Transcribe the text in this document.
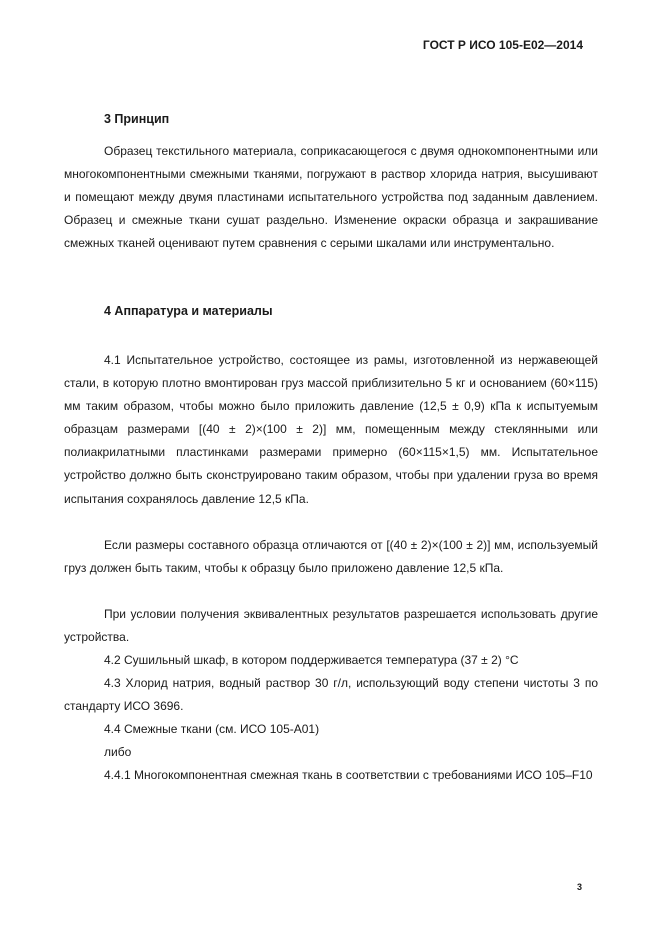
ГОСТ Р ИСО 105-E02—2014
3 Принцип

Образец текстильного материала, соприкасающегося с двумя однокомпонентными или многокомпонентными смежными тканями, погружают в раствор хлорида натрия, высушивают и помещают между двумя пластинами испытательного устройства под заданным давлением. Образец и смежные ткани сушат раздельно. Изменение окраски образца и закрашивание смежных тканей оценивают путем сравнения с серыми шкалами или инструментально.

4 Аппаратура и материалы

4.1 Испытательное устройство, состоящее из рамы, изготовленной из нержавеющей стали, в которую плотно вмонтирован груз массой приблизительно 5 кг и основанием (60×115) мм таким образом, чтобы можно было приложить давление (12,5 ± 0,9) кПа к испытуемым образцам размерами [(40 ± 2)×(100 ± 2)] мм, помещенным между стеклянными или полиакрилатными пластинками размерами примерно (60×115×1,5) мм. Испытательное устройство должно быть сконструировано таким образом, чтобы при удалении груза во время испытания сохранялось давление 12,5 кПа.

Если размеры составного образца отличаются от [(40 ± 2)×(100 ± 2)] мм, используемый груз должен быть таким, чтобы к образцу было приложено давление 12,5 кПа.

При условии получения эквивалентных результатов разрешается использовать другие устройства.

4.2 Сушильный шкаф, в котором поддерживается температура (37 ± 2) °С

4.3 Хлорид натрия, водный раствор 30 г/л, использующий воду степени чистоты 3 по стандарту ИСО 3696.

4.4 Смежные ткани (см. ИСО 105-A01)

либо

4.4.1 Многокомпонентная смежная ткань в соответствии с требованиями ИСО 105–F10

3
